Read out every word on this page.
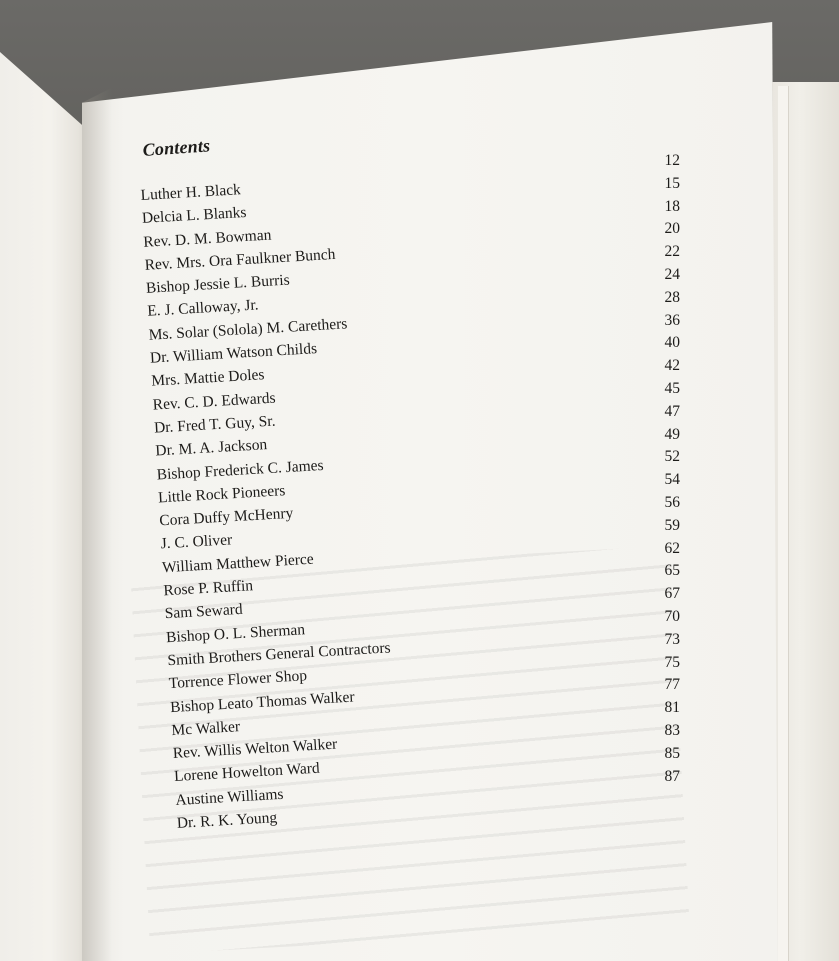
Contents
Luther H. Black
Delcia L. Blanks
Rev. D. M. Bowman
Rev. Mrs. Ora Faulkner Bunch
Bishop Jessie L. Burris
E. J. Calloway, Jr.
Ms. Solar (Solola) M. Carethers
Dr. William Watson Childs
Mrs. Mattie Doles
Rev. C. D. Edwards
Dr. Fred T. Guy, Sr.
Dr. M. A. Jackson
Bishop Frederick C. James
Little Rock Pioneers
Cora Duffy McHenry
J. C. Oliver
William Matthew Pierce
Rose P. Ruffin
Sam Seward
Bishop O. L. Sherman
Smith Brothers General Contractors
Torrence Flower Shop
Bishop Leato Thomas Walker
Mc Walker
Rev. Willis Welton Walker
Lorene Howelton Ward
Austine Williams
Dr. R. K. Young
12
15
18
20
22
24
28
36
40
42
45
47
49
52
54
56
59
62
65
67
70
73
75
77
81
83
85
87
